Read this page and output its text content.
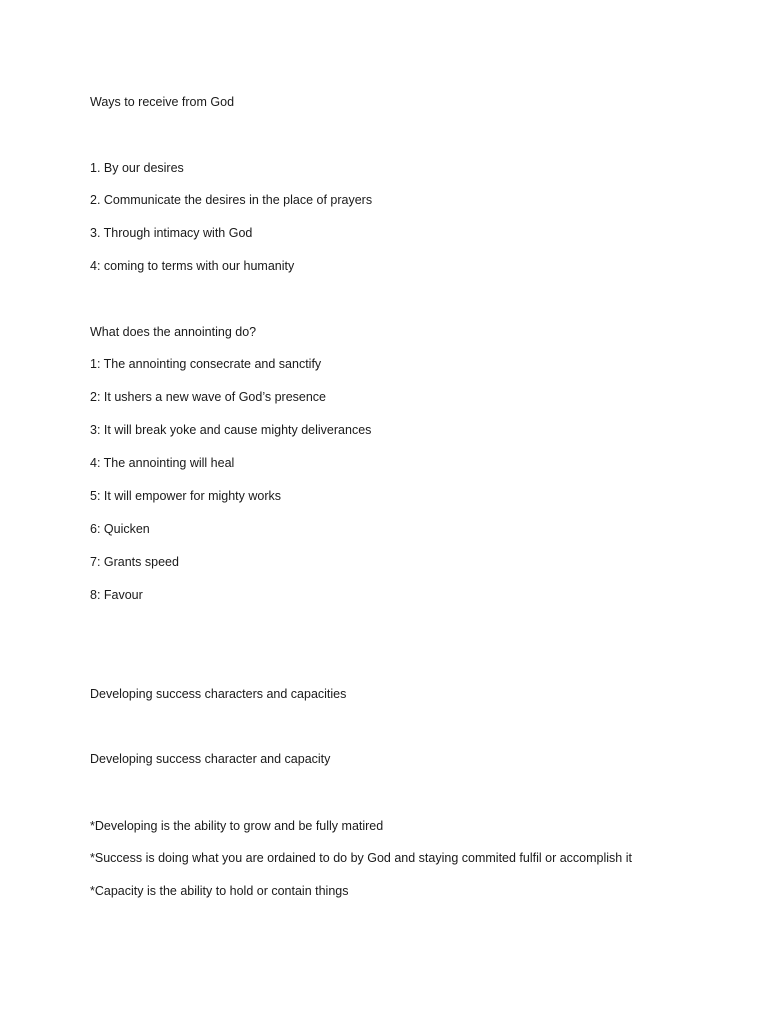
Ways to receive from God
1. By our desires
2. Communicate the desires in the place of prayers
3. Through intimacy with God
4: coming to terms with our humanity
What does the annointing do?
1: The annointing consecrate and sanctify
2: It ushers a new wave of God’s presence
3: It will break yoke and cause mighty deliverances
4: The annointing will heal
5: It will empower for mighty works
6: Quicken
7: Grants speed
8: Favour
Developing success characters and capacities
Developing success character and capacity
*Developing is the ability to grow and be fully matired
*Success is doing what you are ordained to do by God and staying commited fulfil or accomplish it
*Capacity is the ability to hold or contain things
